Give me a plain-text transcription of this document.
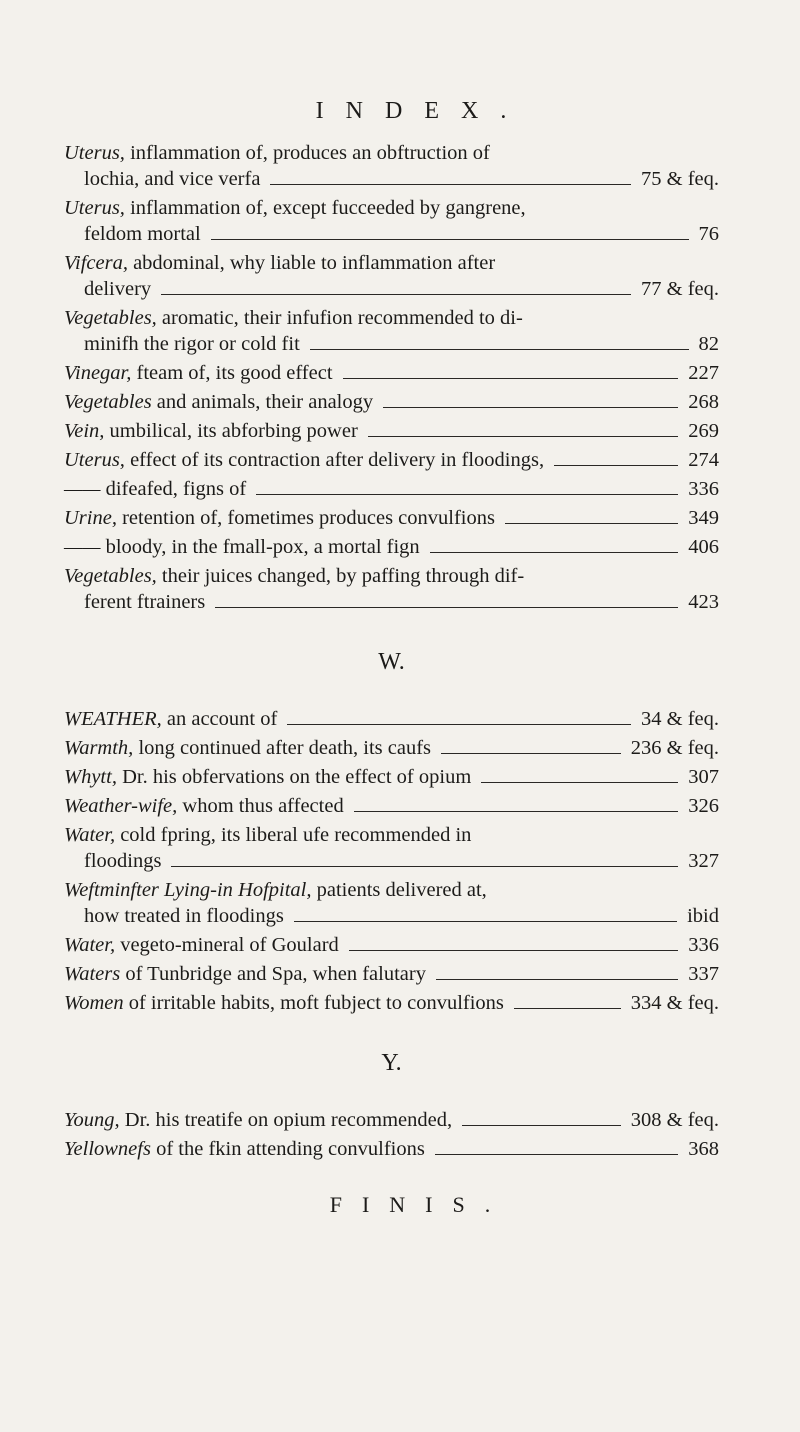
INDEX.
Uterus, inflammation of, produces an obftruction of
lochia, and vice verfa	75 & feq.
Uterus, inflammation of, except fucceeded by gangrene,
feldom mortal	76
Vifcera, abdominal, why liable to inflammation after
delivery	77 & feq.
Vegetables, aromatic, their infufion recommended to di-
minifh the rigor or cold fit	82
Vinegar, fteam of, its good effect	227
Vegetables and animals, their analogy	268
Vein, umbilical, its abforbing power	269
Uterus, effect of its contraction after delivery in floodings,	274
—— difeafed, figns of	336
Urine, retention of, fometimes produces convulfions	349
—— bloody, in the fmall-pox, a mortal fign	406
Vegetables, their juices changed, by paffing through dif-
ferent ftrainers	423
W.
WEATHER, an account of	34 & feq.
Warmth, long continued after death, its caufs	236 & feq.
Whytt, Dr. his obfervations on the effect of opium	307
Weather-wife, whom thus affected	326
Water, cold fpring, its liberal ufe recommended in
floodings	327
Weftminfter Lying-in Hofpital, patients delivered at,
how treated in floodings	ibid
Water, vegeto-mineral of Goulard	336
Waters of Tunbridge and Spa, when falutary	337
Women of irritable habits, moft fubject to convulfions	334 & feq.
Y.
Young, Dr. his treatife on opium recommended,	308 & feq.
Yellownefs of the fkin attending convulfions	368
FINIS.
